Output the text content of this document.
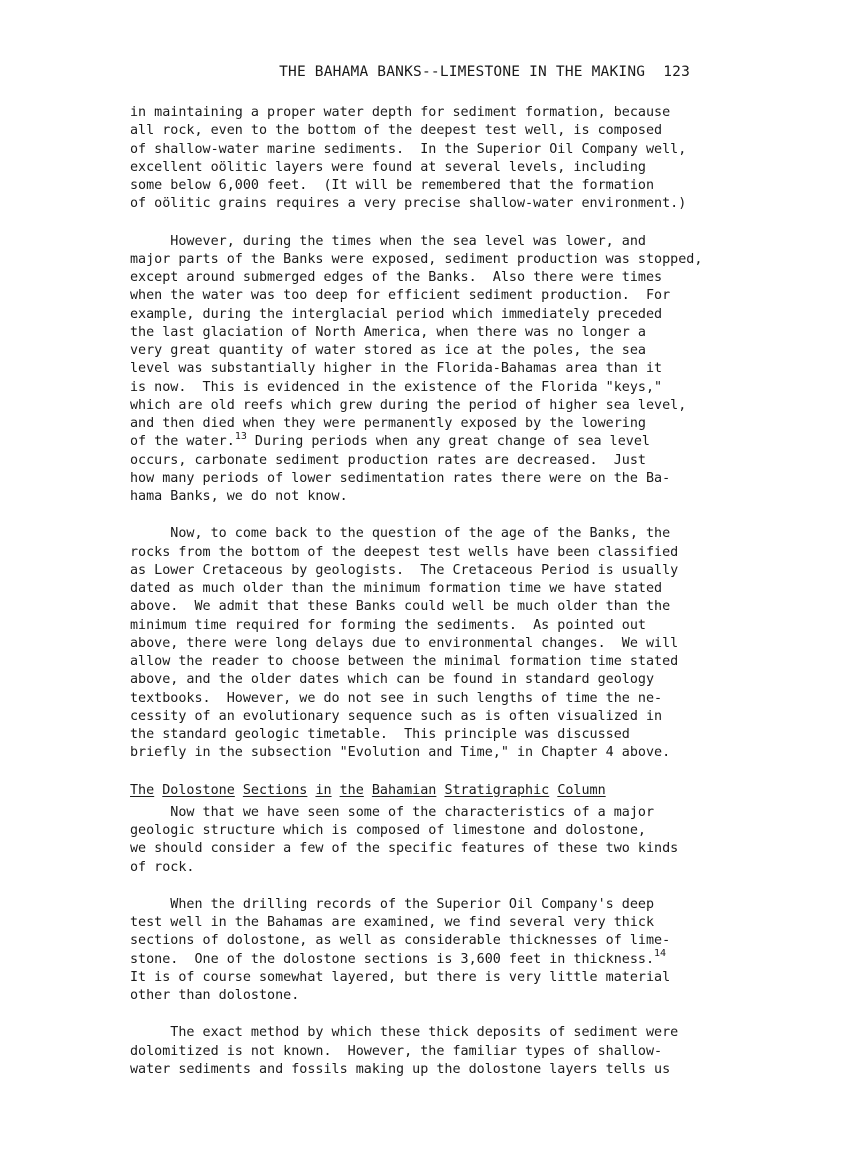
THE BAHAMA BANKS--LIMESTONE IN THE MAKING 123
in maintaining a proper water depth for sediment formation, because
all rock, even to the bottom of the deepest test well, is composed
of shallow-water marine sediments.  In the Superior Oil Company well,
excellent oölitic layers were found at several levels, including
some below 6,000 feet.  (It will be remembered that the formation
of oölitic grains requires a very precise shallow-water environment.)
However, during the times when the sea level was lower, and
major parts of the Banks were exposed, sediment production was stopped,
except around submerged edges of the Banks.  Also there were times
when the water was too deep for efficient sediment production.  For
example, during the interglacial period which immediately preceded
the last glaciation of North America, when there was no longer a
very great quantity of water stored as ice at the poles, the sea
level was substantially higher in the Florida-Bahamas area than it
is now.  This is evidenced in the existence of the Florida "keys,"
which are old reefs which grew during the period of higher sea level,
and then died when they were permanently exposed by the lowering
of the water.$^{13}$ During periods when any great change of sea level
occurs, carbonate sediment production rates are decreased.  Just
how many periods of lower sedimentation rates there were on the Ba-
hama Banks, we do not know.
Now, to come back to the question of the age of the Banks, the
rocks from the bottom of the deepest test wells have been classified
as Lower Cretaceous by geologists.  The Cretaceous Period is usually
dated as much older than the minimum formation time we have stated
above.  We admit that these Banks could well be much older than the
minimum time required for forming the sediments.  As pointed out
above, there were long delays due to environmental changes.  We will
allow the reader to choose between the minimal formation time stated
above, and the older dates which can be found in standard geology
textbooks.  However, we do not see in such lengths of time the ne-
cessity of an evolutionary sequence such as is often visualized in
the standard geologic timetable.  This principle was discussed
briefly in the subsection "Evolution and Time," in Chapter 4 above.
The Dolostone Sections in the Bahamian Stratigraphic Column
Now that we have seen some of the characteristics of a major
geologic structure which is composed of limestone and dolostone,
we should consider a few of the specific features of these two kinds
of rock.
When the drilling records of the Superior Oil Company's deep
test well in the Bahamas are examined, we find several very thick
sections of dolostone, as well as considerable thicknesses of lime-
stone.  One of the dolostone sections is 3,600 feet in thickness.$^{14}$
It is of course somewhat layered, but there is very little material
other than dolostone.
The exact method by which these thick deposits of sediment were
dolomitized is not known.  However, the familiar types of shallow-
water sediments and fossils making up the dolostone layers tells us
